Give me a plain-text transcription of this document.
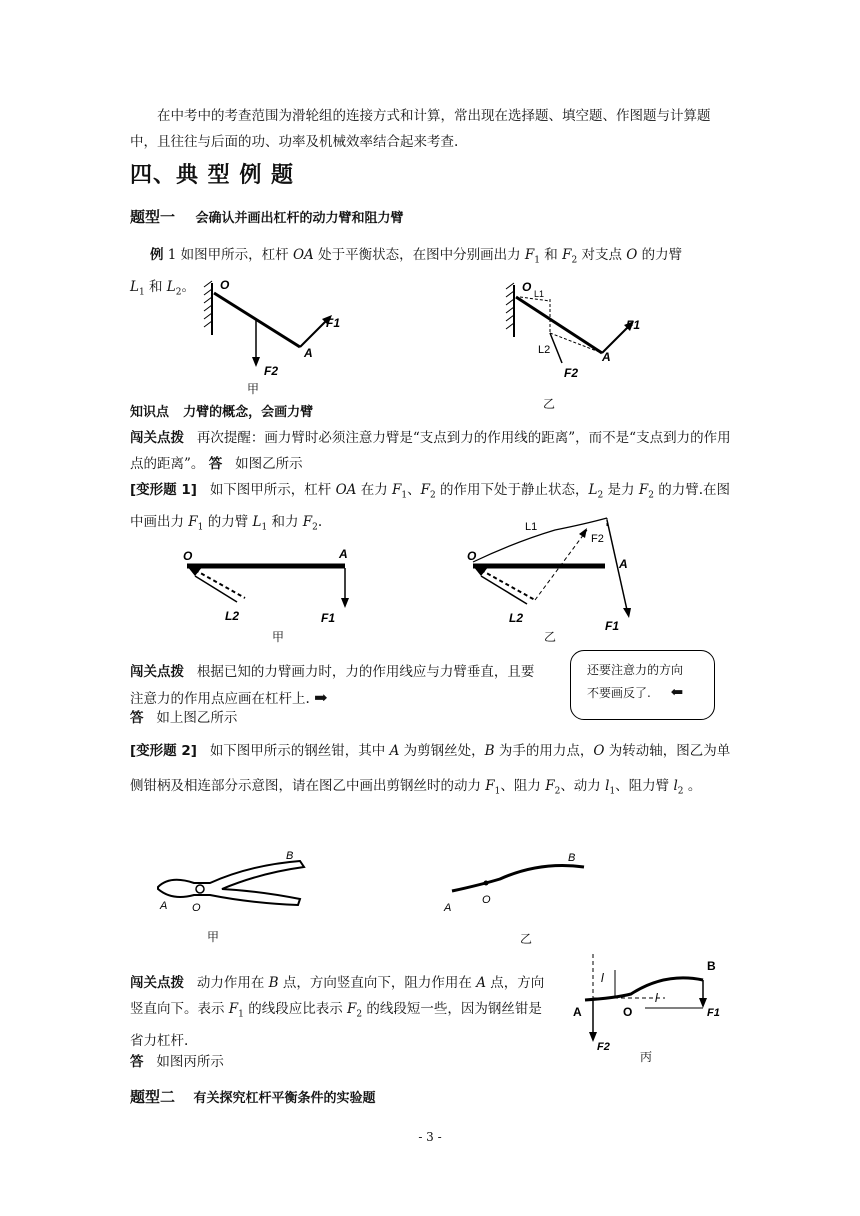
在中考中的考查范围为滑轮组的连接方式和计算，常出现在选择题、填空题、作图题与计算题中，且往往与后面的功、功率及机械效率结合起来考查.
四、典 型 例 题
题型一 会确认并画出杠杆的动力臂和阻力臂
例 1 如图甲所示，杠杆 OA 处于平衡状态，在图中分别画出力 $F_1$ 和 $F_2$ 对支点 O 的力臂
$L_1$ 和 $L_2$。	O
F1
A
F2
甲
O L1
L2
F1
A
F2
乙
知识点 力臂的概念，会画力臂
闯关点拨 再次提醒：画力臂时必须注意力臂是“支点到力的作用线的距离”，而不是“支点到力的作用点的距离”。 答 如图乙所示
[变形题 1] 如下图甲所示，杠杆 OA 在力 $F_1$、$F_2$ 的作用下处于静止状态，$L_2$ 是力 $F_2$ 的力臂.在图中画出力 $F_1$ 的力臂 $L_1$ 和力 $F_2$.
O	A
L2	F1
甲
O
A
L1
F2
L2
F1
乙
闯关点拨 根据已知的力臂画力时，力的作用线应与力臂垂直，且要注意力的作用点应画在杠杆上. ➡
答 如上图乙所示
还要注意力的方向
不要画反了. ⬅
[变形题 2] 如下图甲所示的钢丝钳，其中 A 为剪钢丝处，B 为手的用力点，O 为转动轴，图乙为单侧钳柄及相连部分示意图，请在图乙中画出剪钢丝时的动力 $F_1$、阻力 $F_2$、动力 $l_1$、阻力臂 $l_2$ 。
B
A O
甲
B
A
O
乙
闯关点拨 动力作用在 B 点，方向竖直向下，阻力作用在 A 点，方向竖直向下。表示 $F_1$ 的线段应比表示 $F_2$ 的线段短一些，因为钢丝钳是省力杠杆.
答 如图丙所示
l
l
B
A	O	F1
F2
丙
题型二 有关探究杠杆平衡条件的实验题
- 3 -
